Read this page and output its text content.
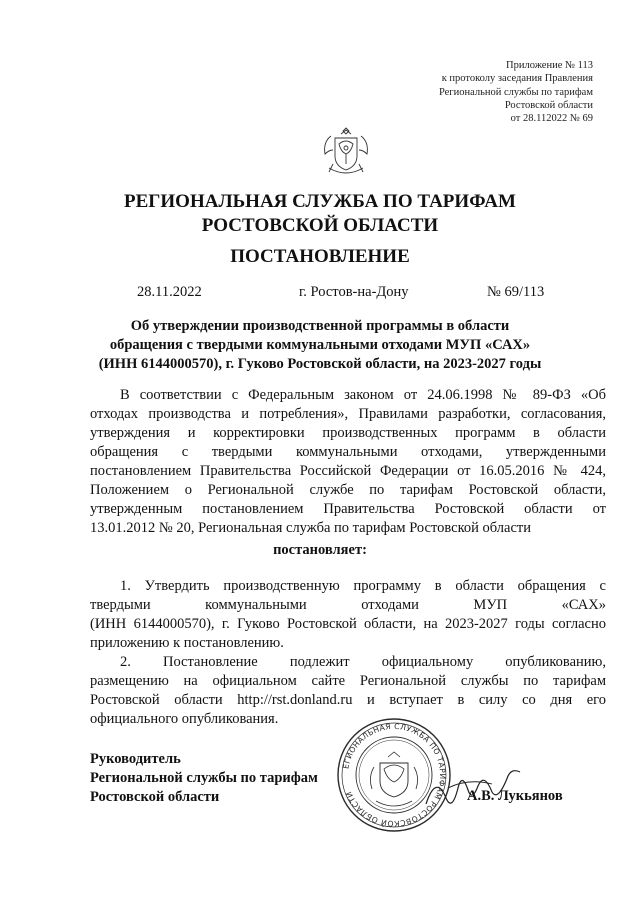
Приложение № 113
к протоколу заседания Правления
Региональной службы по тарифам
Ростовской области
от 28.112022 № 69
РЕГИОНАЛЬНАЯ СЛУЖБА ПО ТАРИФАМ
РОСТОВСКОЙ ОБЛАСТИ
ПОСТАНОВЛЕНИЕ
28.11.2022	г. Ростов-на-Дону	№ 69/113
Об утверждении производственной программы в области
обращения с твердыми коммунальными отходами МУП «САХ»
(ИНН 6144000570), г. Гуково Ростовской области, на 2023-2027 годы
В соответствии с Федеральным законом от 24.06.1998 № 89-ФЗ «Об
отходах производства и потребления», Правилами разработки, согласования,
утверждения и корректировки производственных программ в области
обращения с твердыми коммунальными отходами, утвержденными
постановлением Правительства Российской Федерации от 16.05.2016 № 424,
Положением о Региональной службе по тарифам Ростовской области,
утвержденным постановлением Правительства Ростовской области от
13.01.2012 № 20, Региональная служба по тарифам Ростовской области
постановляет:
1. Утвердить производственную программу в области обращения с
твердыми коммунальными отходами МУП «САХ»
(ИНН 6144000570), г. Гуково Ростовской области, на 2023-2027 годы согласно
приложению к постановлению.
2. Постановление подлежит официальному опубликованию,
размещению на официальном сайте Региональной службы по тарифам
Ростовской области http://rst.donland.ru и вступает в силу со дня его
официального опубликования.
ЕГИОНАЛЬНАЯ СЛУЖБА ПО ТАРИФАМ РОСТОВСКОЙ ОБЛАСТИ
Руководитель
Региональной службы по тарифам
Ростовской области	А.В. Лукьянов
